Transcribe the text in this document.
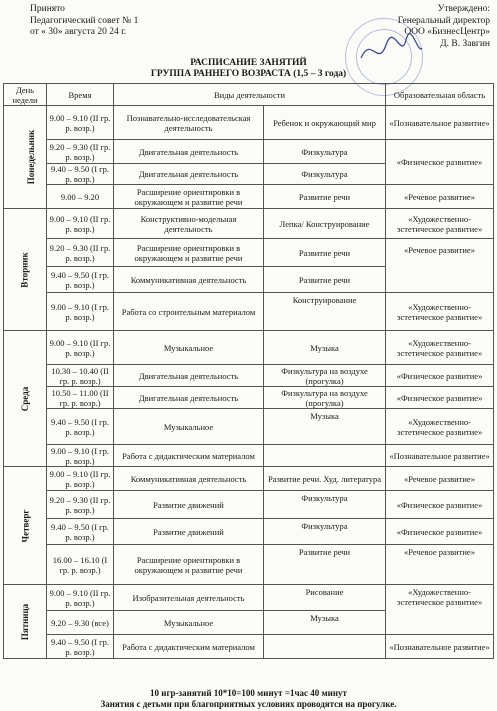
Принято
Педагогический совет № 1
от « 30» августа 20 24 г.
Утверждено:
Генеральный директор
ООО «БизнесЦентр»
Д. В. Завгин
РАСПИСАНИЕ ЗАНЯТИЙ
ГРУППА РАННЕГО ВОЗРАСТА (1,5 – 3 года)
День недели	Время	Виды деятельности		Образовательная область
Понедельник	9.00 – 9.10 (II гр. р. возр.)	Познавательно-исследовательская деятельность	Ребенок и окружающий мир	«Познавательное развитие»
	9.20 – 9.30 (II гр. р. возр.)	Двигательная деятельность	Физкультура	«Физическое развитие»
	9.40 – 9.50 (I гр. р. возр.)	Двигательная деятельность	Физкультура	
	9.00 – 9.20	Расширение ориентировки в окружающем и развитие речи	Развитие речи	«Речевое развитие»
Вторник	9.00 – 9.10 (II гр. р. возр.)	Конструктивно-модельная деятельность	Лепка/ Конструирование	«Художественно-эстетическое развитие»
	9.20 – 9.30 (II гр. р. возр.)	Расширение ориентировки в окружающем и развитие речи	Развитие речи	«Речевое развитие»
	9.40 – 9.50 (I гр. р. возр.)	Коммуникативная деятельность	Развитие речи	
	9.00 – 9.10 (I гр. р. возр.)	Работа со строительным материалом	Конструирование	«Художественно-эстетическое развитие»
Среда	9.00 – 9.10 (II гр. р. возр.)	Музыкальное	Музыка	«Художественно-эстетическое развитие»
	10.30 – 10.40 (II гр. р. возр.)	Двигательная деятельность	Физкультура на воздухе (прогулка)	«Физическое развитие»
	10.50 – 11.00 (II гр. р. возр.)	Двигательная деятельность	Физкультура на воздухе (прогулка)	«Физическое развитие»
	9.40 – 9.50 (I гр. р. возр.)	Музыкальное	Музыка	«Художественно-эстетическое развитие»
	9.00 – 9.10 (I гр. р. возр.)	Работа с дидактическим материалом		«Познавательное развитие»
Четверг	9.00 – 9.10 (II гр. р. возр.)	Коммуникативная деятельность	Развитие речи. Худ. литература	«Речевое развитие»
	9.20 – 9.30 (II гр. р. возр.)	Развитие движений	Физкультура	«Физическое развитие»
	9.40 – 9.50 (I гр. р. возр.)	Развитие движений	Физкультура	«Физическое развитие»
	16.00 – 16.10 (I гр. р. возр.)	Расширение ориентировки в окружающем и развитие речи	Развитие речи	«Речевое развитие»
Пятница	9.00 – 9.10 (II гр. р. возр.)	Изобразительная деятельность	Рисование	«Художественно-эстетическое развитие»
	9.20 – 9.30 (все)	Музыкальное	Музыка	
	9.40 – 9.50 (I гр. р. возр.)	Работа с дидактическим материалом		«Познавательное развитие»
10 игр-занятий 10*10=100 минут =1час 40 минут
Занятия с детьми при благоприятных условиях проводятся на прогулке.
